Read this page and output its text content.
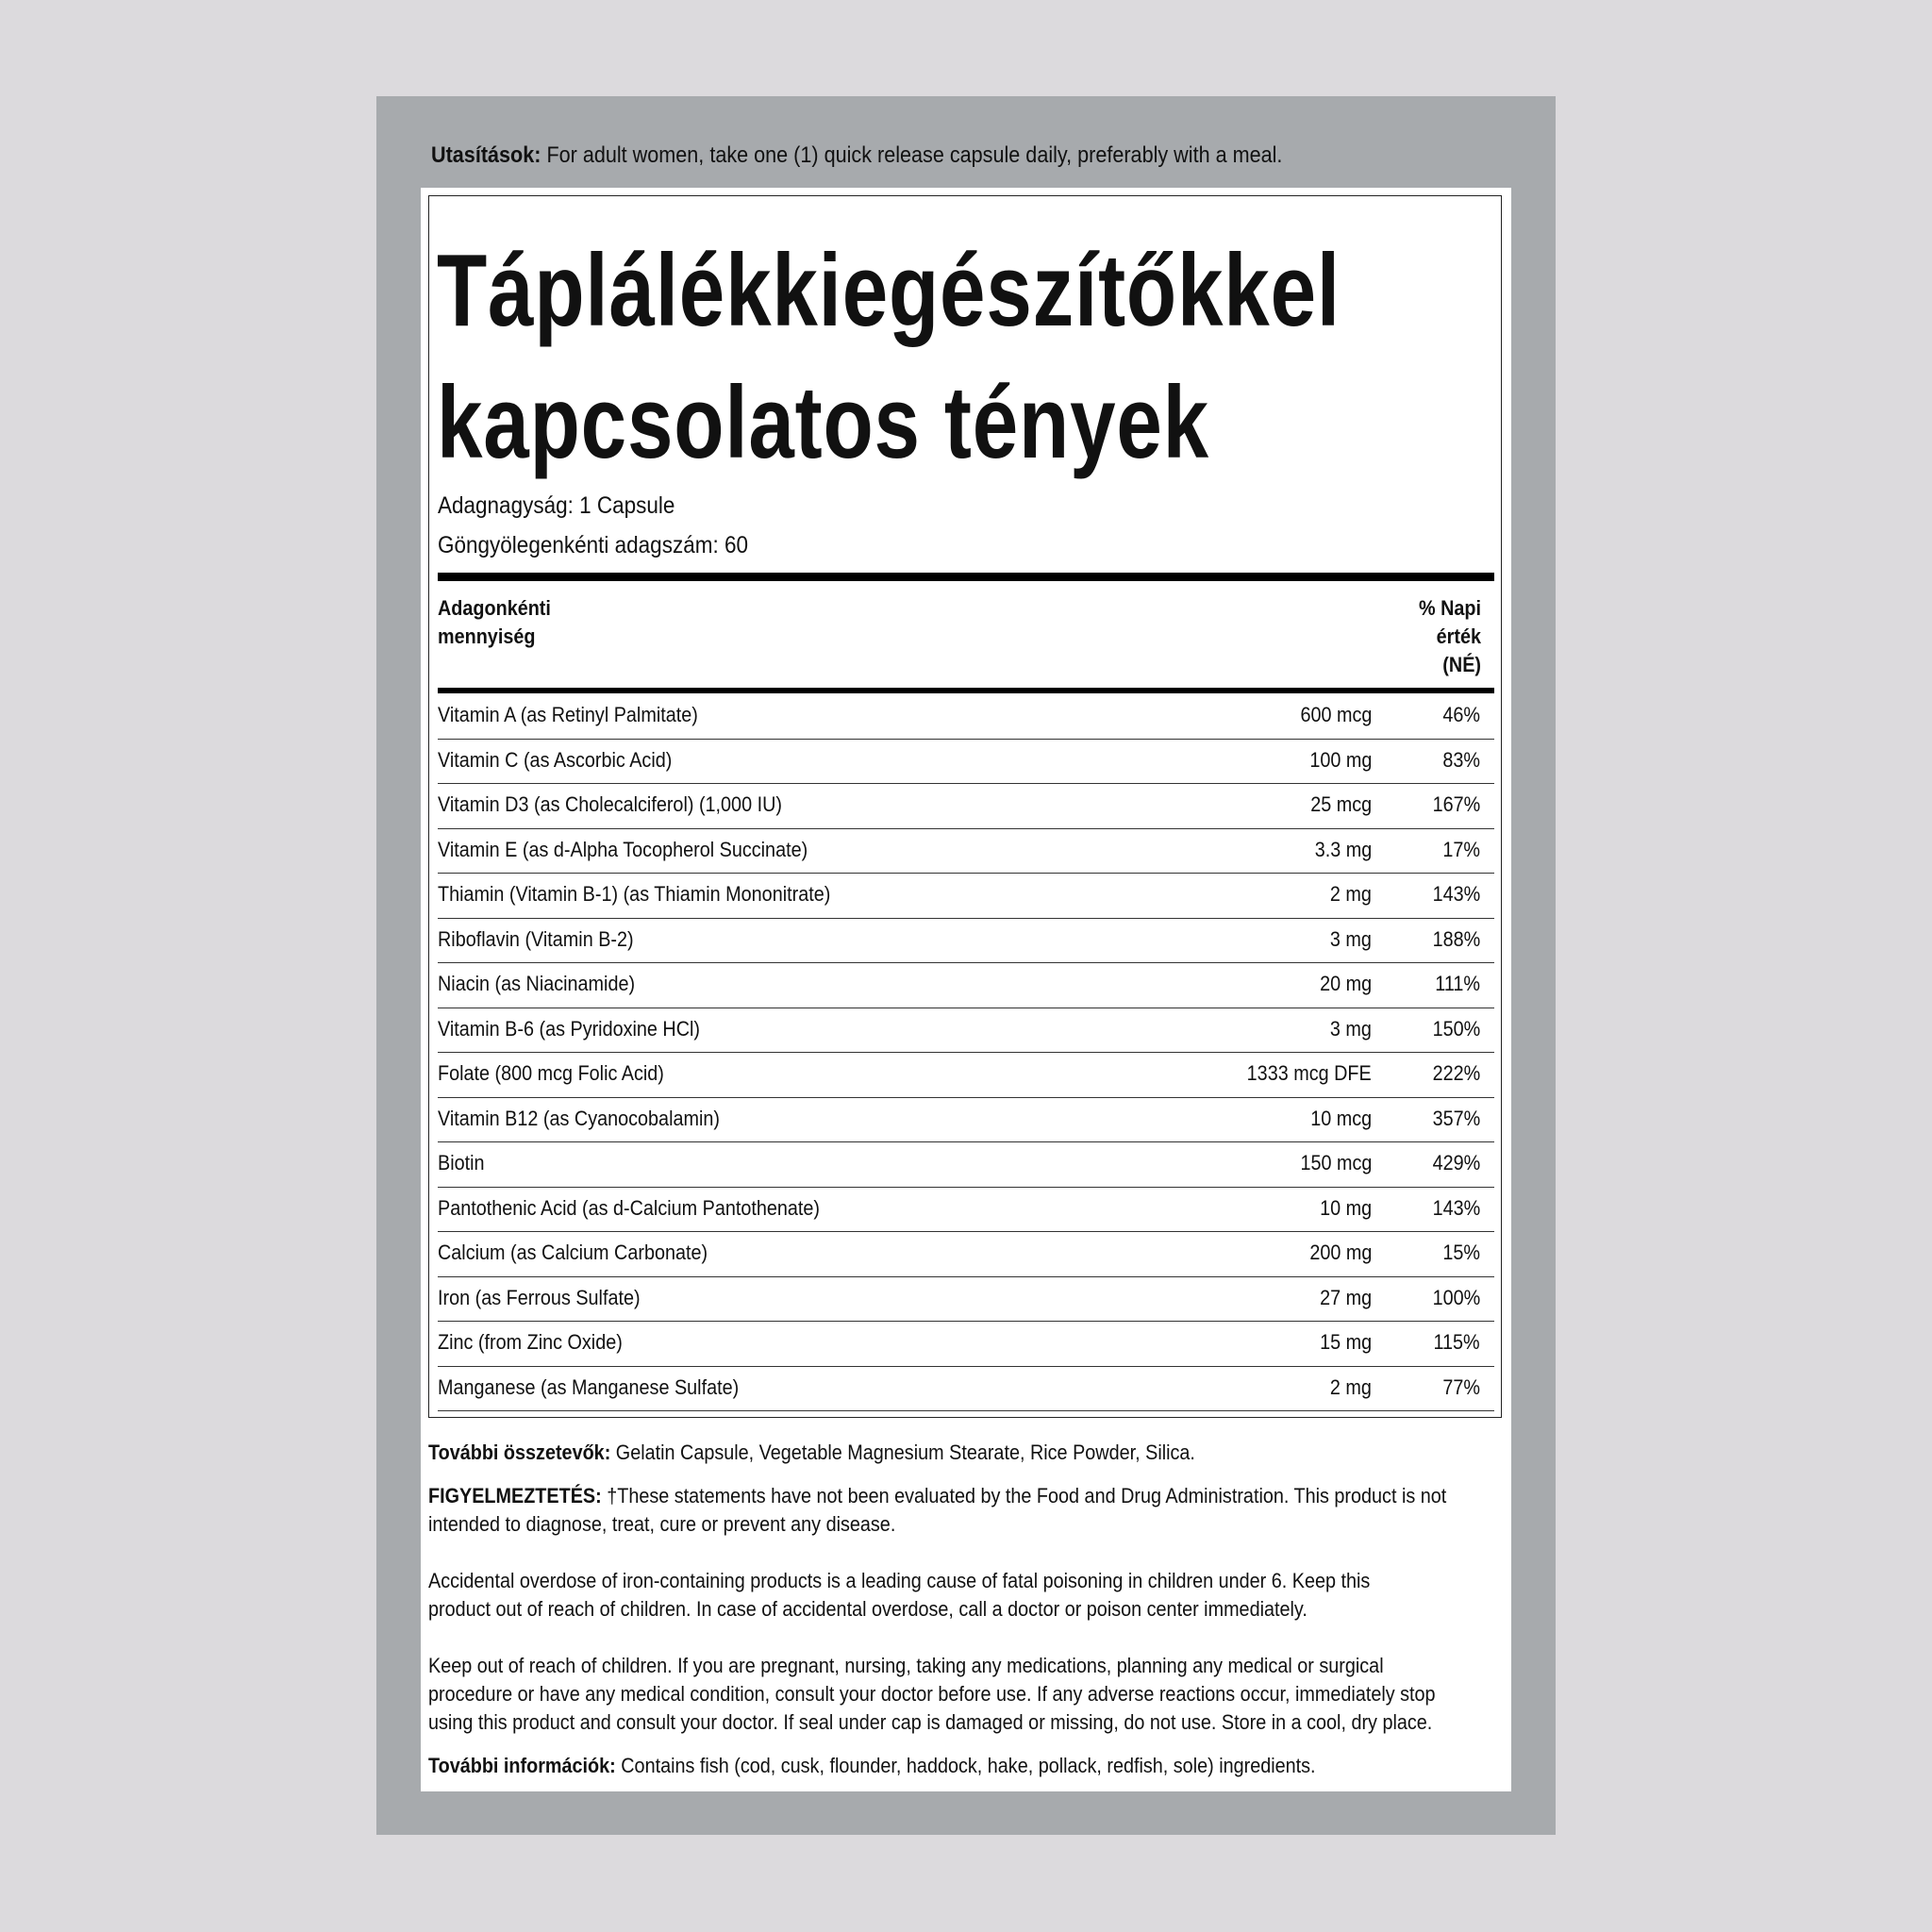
Utasítások: For adult women, take one (1) quick release capsule daily, preferably with a meal.
Táplálékkiegészítőkkel
kapcsolatos tények
Adagnagyság: 1 Capsule
Göngyölegenkénti adagszám: 60
Adagonkénti
mennyiség
% Napi
érték
(NÉ)
Vitamin A (as Retinyl Palmitate)	600 mcg	46%
Vitamin C (as Ascorbic Acid)	100 mg	83%
Vitamin D3 (as Cholecalciferol) (1,000 IU)	25 mcg	167%
Vitamin E (as d-Alpha Tocopherol Succinate)	3.3 mg	17%
Thiamin (Vitamin B-1) (as Thiamin Mononitrate)	2 mg	143%
Riboflavin (Vitamin B-2)	3 mg	188%
Niacin (as Niacinamide)	20 mg	111%
Vitamin B-6 (as Pyridoxine HCl)	3 mg	150%
Folate (800 mcg Folic Acid)	1333 mcg DFE	222%
Vitamin B12 (as Cyanocobalamin)	10 mcg	357%
Biotin	150 mcg	429%
Pantothenic Acid (as d-Calcium Pantothenate)	10 mg	143%
Calcium (as Calcium Carbonate)	200 mg	15%
Iron (as Ferrous Sulfate)	27 mg	100%
Zinc (from Zinc Oxide)	15 mg	115%
Manganese (as Manganese Sulfate)	2 mg	77%
További összetevők: Gelatin Capsule, Vegetable Magnesium Stearate, Rice Powder, Silica.
FIGYELMEZTETÉS: †These statements have not been evaluated by the Food and Drug Administration. This product is not
intended to diagnose, treat, cure or prevent any disease.
Accidental overdose of iron-containing products is a leading cause of fatal poisoning in children under 6. Keep this
product out of reach of children. In case of accidental overdose, call a doctor or poison center immediately.
Keep out of reach of children. If you are pregnant, nursing, taking any medications, planning any medical or surgical
procedure or have any medical condition, consult your doctor before use. If any adverse reactions occur, immediately stop
using this product and consult your doctor. If seal under cap is damaged or missing, do not use. Store in a cool, dry place.
További információk: Contains fish (cod, cusk, flounder, haddock, hake, pollack, redfish, sole) ingredients.
